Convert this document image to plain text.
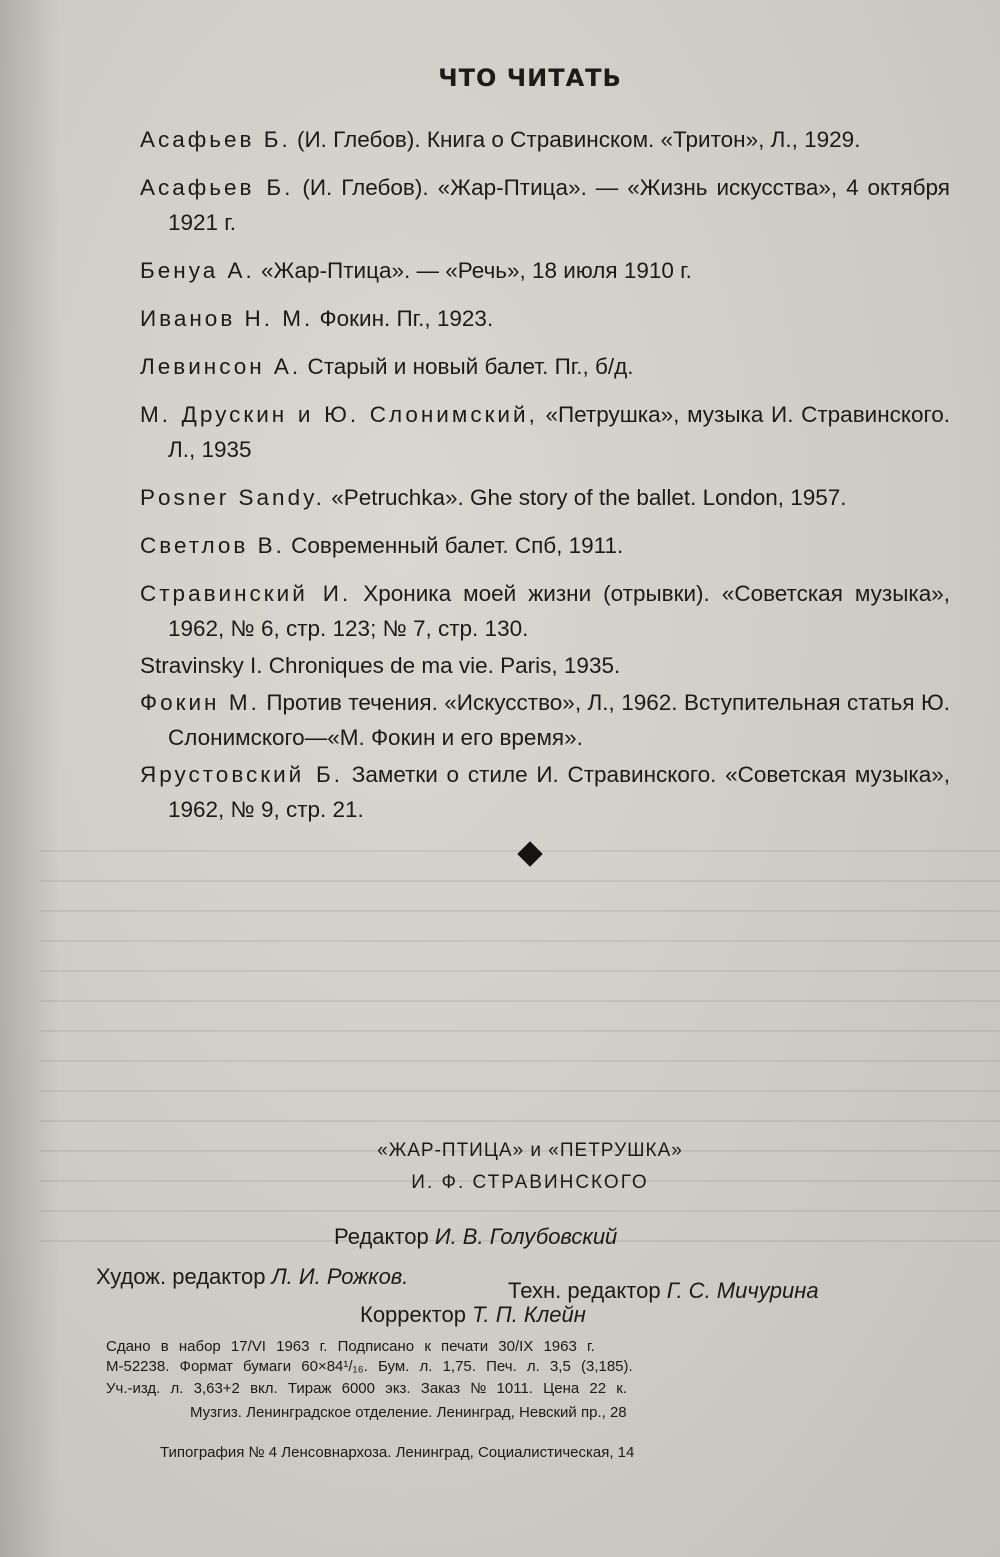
ЧТО ЧИТАТЬ

Асафьев Б. (И. Глебов). Книга о Стравинском. «Тритон», Л., 1929.

Асафьев Б. (И. Глебов). «Жар-Птица». — «Жизнь искусства», 4 октября 1921 г.

Бенуа А. «Жар-Птица». — «Речь», 18 июля 1910 г.

Иванов Н. М. Фокин. Пг., 1923.

Левинсон А. Старый и новый балет. Пг., б/д.

М. Друскин и Ю. Слонимский, «Петрушка», музыка И. Стравинского. Л., 1935

Posner Sandy. «Petruchka». Ghe story of the ballet. London, 1957.

Светлов В. Современный балет. Спб, 1911.

Стравинский И. Хроника моей жизни (отрывки). «Советская музыка», 1962, № 6, стр. 123; № 7, стр. 130.

Stravinsky I. Chroniques de ma vie. Paris, 1935.

Фокин М. Против течения. «Искусство», Л., 1962. Вступительная статья Ю. Слонимского—«М. Фокин и его время».

Ярустовский Б. Заметки о стиле И. Стравинского. «Советская музыка», 1962, № 9, стр. 21.

«ЖАР-ПТИЦА» и «ПЕТРУШКА»
И. Ф. СТРАВИНСКОГО
Редактор И. В. Голубовский
Худож. редактор Л. И. Рожков.
Техн. редактор Г. С. Мичурина
Корректор Т. П. Клейн
Сдано в набор 17/VI 1963 г. Подписано к печати 30/IX 1963 г.
М-52238. Формат бумаги 60×84¹/₁₆. Бум. л. 1,75. Печ. л. 3,5 (3,185).
Уч.-изд. л. 3,63+2 вкл. Тираж 6000 экз. Заказ № 1011. Цена 22 к.
Музгиз. Ленинградское отделение. Ленинград, Невский пр., 28
Типография № 4 Ленсовнархоза. Ленинград, Социалистическая, 14
